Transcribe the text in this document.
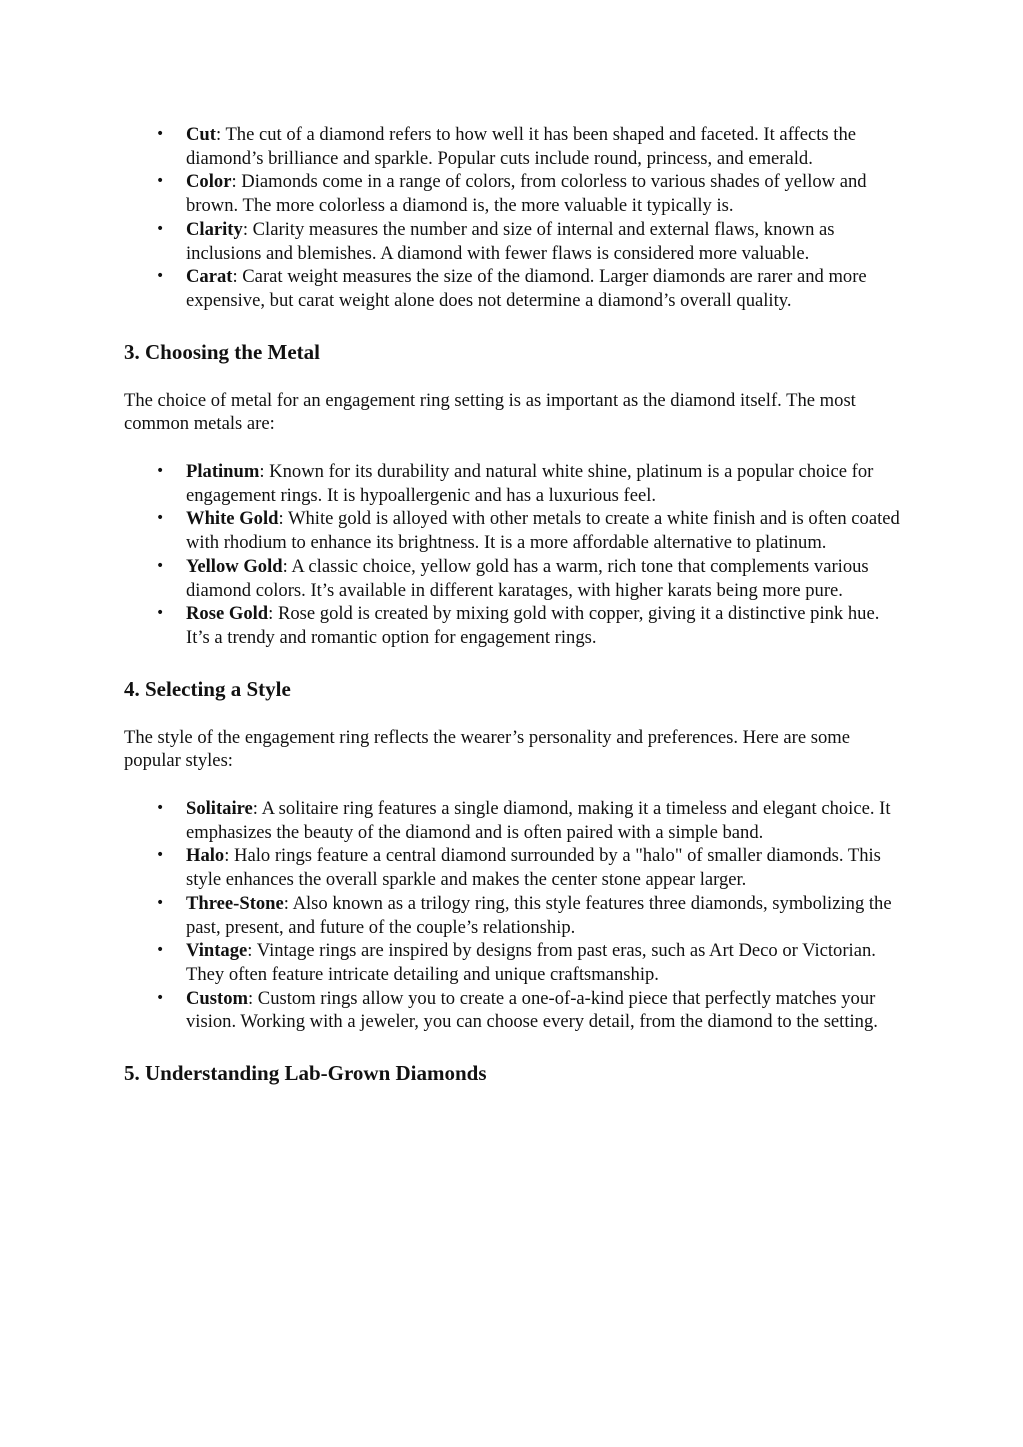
• Cut: The cut of a diamond refers to how well it has been shaped and faceted. It affects the diamond’s brilliance and sparkle. Popular cuts include round, princess, and emerald.
• Color: Diamonds come in a range of colors, from colorless to various shades of yellow and brown. The more colorless a diamond is, the more valuable it typically is.
• Clarity: Clarity measures the number and size of internal and external flaws, known as inclusions and blemishes. A diamond with fewer flaws is considered more valuable.
• Carat: Carat weight measures the size of the diamond. Larger diamonds are rarer and more expensive, but carat weight alone does not determine a diamond’s overall quality.
3. Choosing the Metal

The choice of metal for an engagement ring setting is as important as the diamond itself. The most common metals are:

• Platinum: Known for its durability and natural white shine, platinum is a popular choice for engagement rings. It is hypoallergenic and has a luxurious feel.
• White Gold: White gold is alloyed with other metals to create a white finish and is often coated with rhodium to enhance its brightness. It is a more affordable alternative to platinum.
• Yellow Gold: A classic choice, yellow gold has a warm, rich tone that complements various diamond colors. It’s available in different karatages, with higher karats being more pure.
• Rose Gold: Rose gold is created by mixing gold with copper, giving it a distinctive pink hue. It’s a trendy and romantic option for engagement rings.
4. Selecting a Style

The style of the engagement ring reflects the wearer’s personality and preferences. Here are some popular styles:

• Solitaire: A solitaire ring features a single diamond, making it a timeless and elegant choice. It emphasizes the beauty of the diamond and is often paired with a simple band.
• Halo: Halo rings feature a central diamond surrounded by a "halo" of smaller diamonds. This style enhances the overall sparkle and makes the center stone appear larger.
• Three-Stone: Also known as a trilogy ring, this style features three diamonds, symbolizing the past, present, and future of the couple’s relationship.
• Vintage: Vintage rings are inspired by designs from past eras, such as Art Deco or Victorian. They often feature intricate detailing and unique craftsmanship.
• Custom: Custom rings allow you to create a one-of-a-kind piece that perfectly matches your vision. Working with a jeweler, you can choose every detail, from the diamond to the setting.
5. Understanding Lab-Grown Diamonds
